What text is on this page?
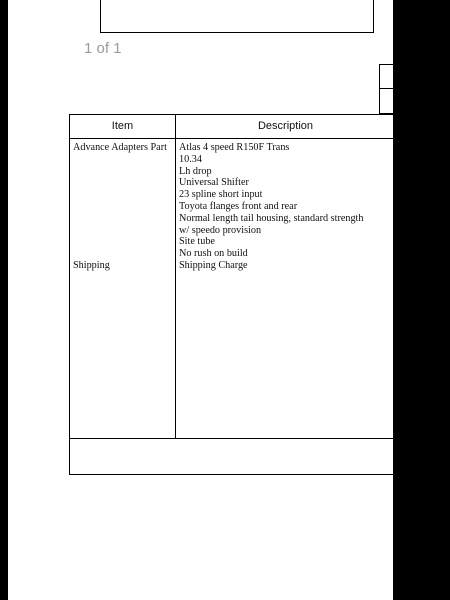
1 of 1
Item	Description
Advance Adapters Part
Shipping
Atlas 4 speed R150F Trans
10.34
Lh drop
Universal Shifter
23 spline short input
Toyota flanges front and rear
Normal length tail housing, standard strength
w/ speedo provision
Site tube
No rush on build
Shipping Charge
